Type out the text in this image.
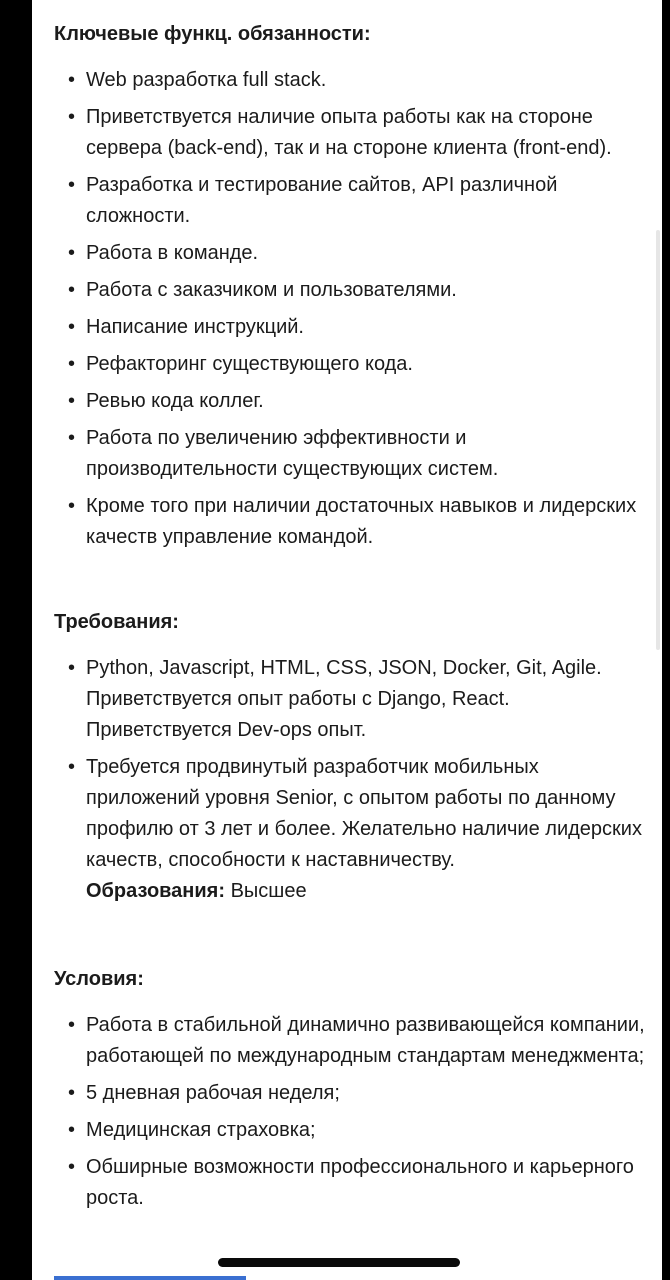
Ключевые функц. обязанности:
• Web разработка full stack.
• Приветствуется наличие опыта работы как на стороне сервера (back-end), так и на стороне клиента (front-end).
• Разработка и тестирование сайтов, API различной сложности.
• Работа в команде.
• Работа с заказчиком и пользователями.
• Написание инструкций.
• Рефакторинг существующего кода.
• Ревью кода коллег.
• Работа по увеличению эффективности и производительности существующих систем.
• Кроме того при наличии достаточных навыков и лидерских качеств управление командой.
Требования:
• Python, Javascript, HTML, CSS, JSON, Docker, Git, Agile. Приветствуется опыт работы с Django, React. Приветствуется Dev-ops опыт.
• Требуется продвинутый разработчик мобильных приложений уровня Senior, с опытом работы по данному профилю от 3 лет и более. Желательно наличие лидерских качеств, способности к наставничеству.
Образования: Высшее
Условия:
• Работа в стабильной динамично развивающейся компании, работающей по международным стандартам менеджмента;
• 5 дневная рабочая неделя;
• Медицинская страховка;
• Обширные возможности профессионального и карьерного роста.
